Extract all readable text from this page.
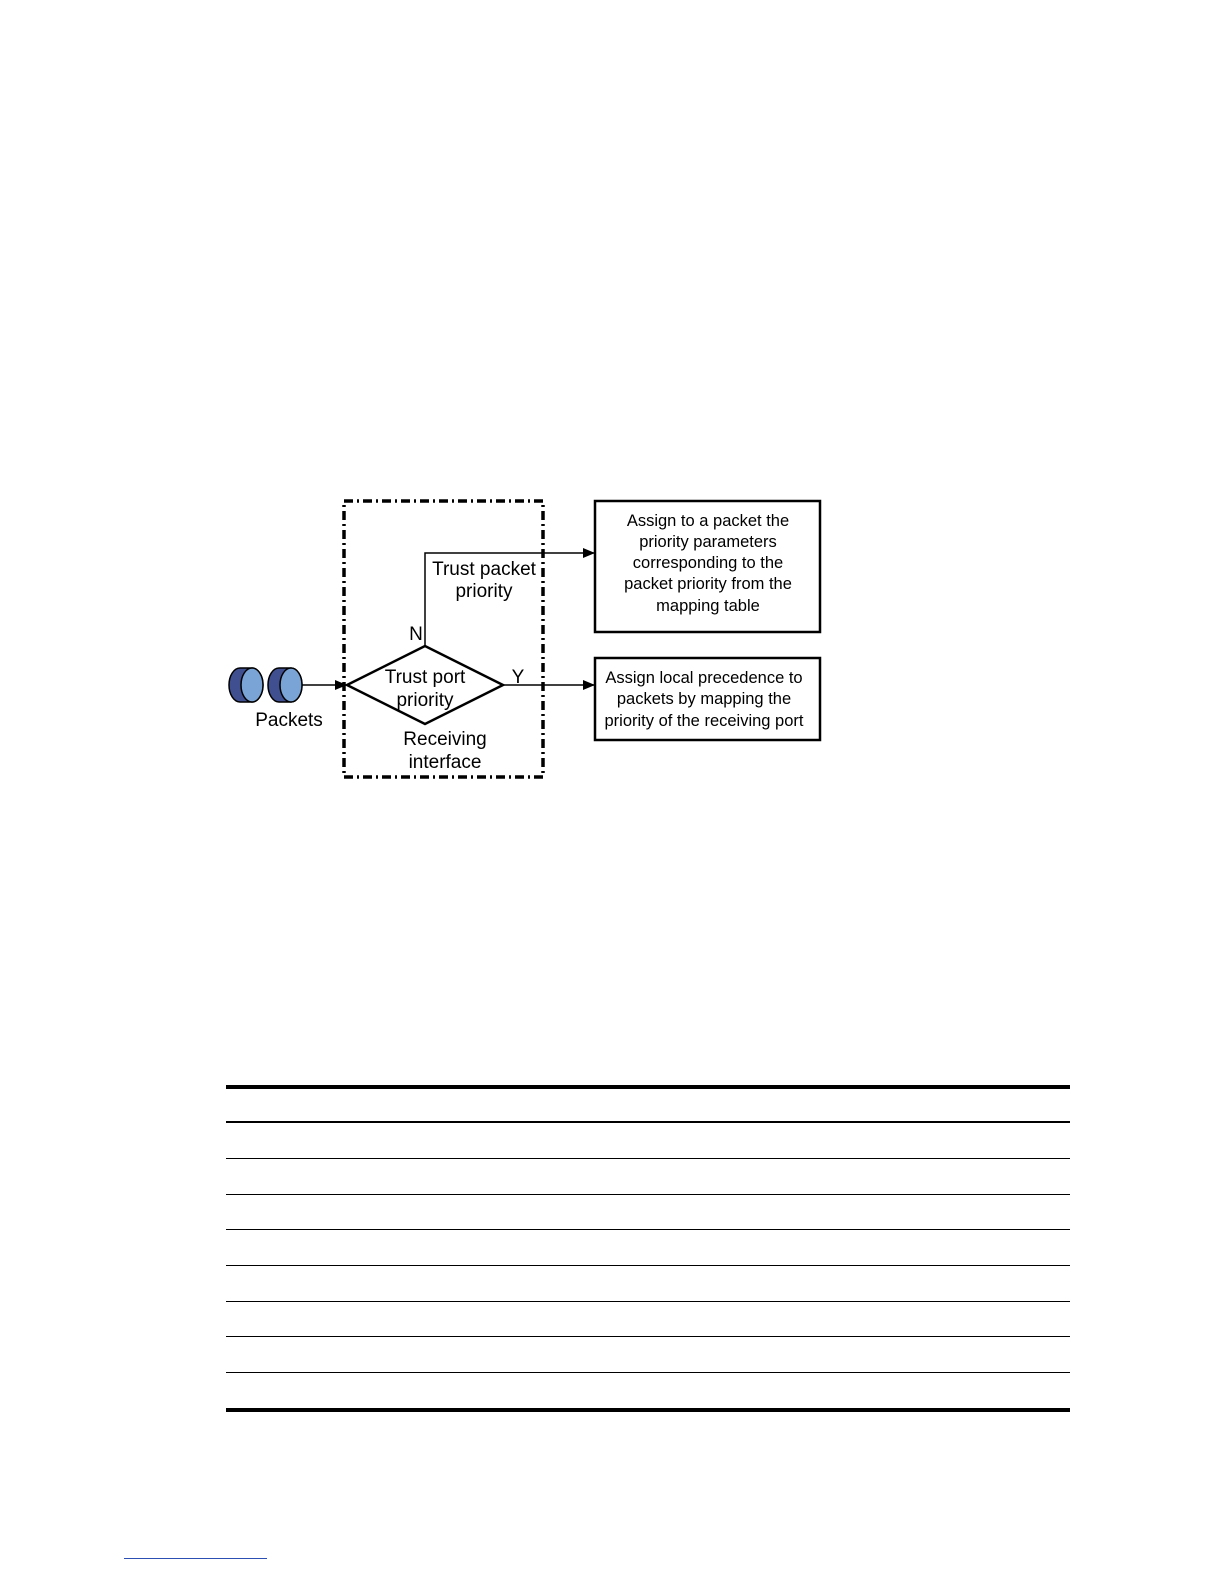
Packets
Trust port
priority
N
Trust packet
priority
Y
Receiving
interface
Assign to a packet the
priority parameters
corresponding to the
packet priority from the
mapping table
Assign local precedence to
packets by mapping the
priority of the receiving port
